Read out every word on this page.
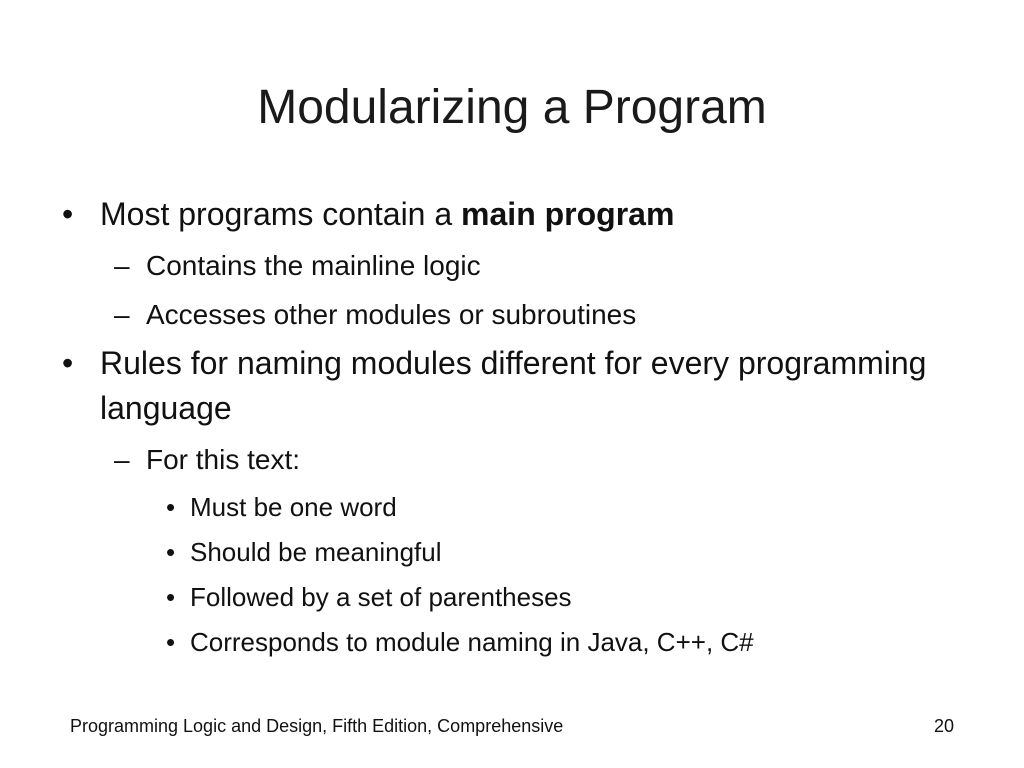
Modularizing a Program
• Most programs contain a main program
– Contains the mainline logic
– Accesses other modules or subroutines
• Rules for naming modules different for every programming language
– For this text:
• Must be one word
• Should be meaningful
• Followed by a set of parentheses
• Corresponds to module naming in Java, C++, C#
Programming Logic and Design, Fifth Edition, Comprehensive	20
